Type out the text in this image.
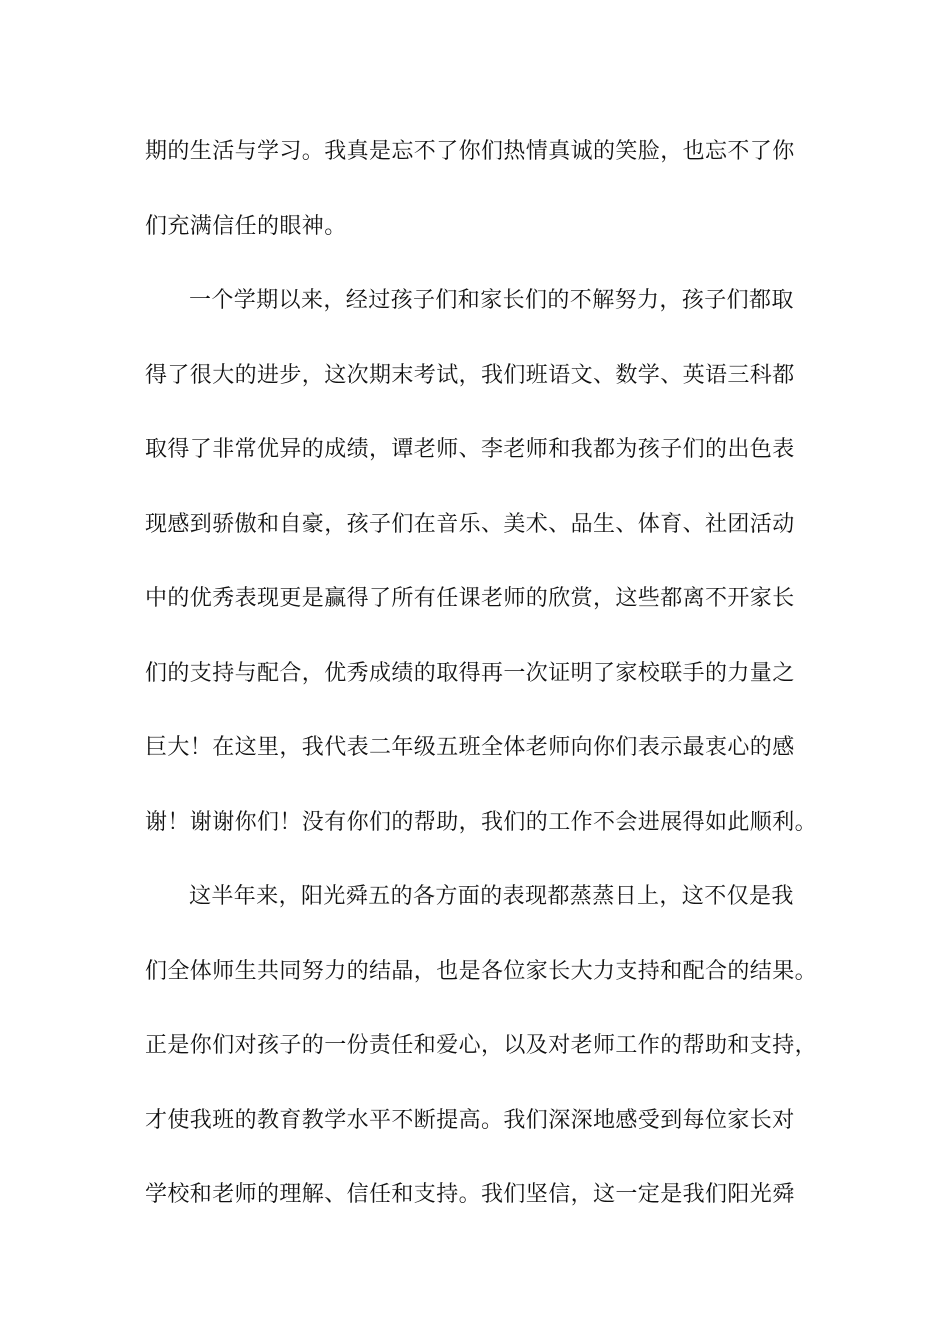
期的生活与学习。我真是忘不了你们热情真诚的笑脸，也忘不了你
们充满信任的眼神。
一个学期以来，经过孩子们和家长们的不解努力，孩子们都取
得了很大的进步，这次期末考试，我们班语文、数学、英语三科都
取得了非常优异的成绩，谭老师、李老师和我都为孩子们的出色表
现感到骄傲和自豪，孩子们在音乐、美术、品生、体育、社团活动
中的优秀表现更是赢得了所有任课老师的欣赏，这些都离不开家长
们的支持与配合，优秀成绩的取得再一次证明了家校联手的力量之
巨大！在这里，我代表二年级五班全体老师向你们表示最衷心的感
谢！谢谢你们！没有你们的帮助，我们的工作不会进展得如此顺利。
这半年来，阳光舜五的各方面的表现都蒸蒸日上，这不仅是我
们全体师生共同努力的结晶，也是各位家长大力支持和配合的结果。
正是你们对孩子的一份责任和爱心，以及对老师工作的帮助和支持，
才使我班的教育教学水平不断提高。我们深深地感受到每位家长对
学校和老师的理解、信任和支持。我们坚信，这一定是我们阳光舜
